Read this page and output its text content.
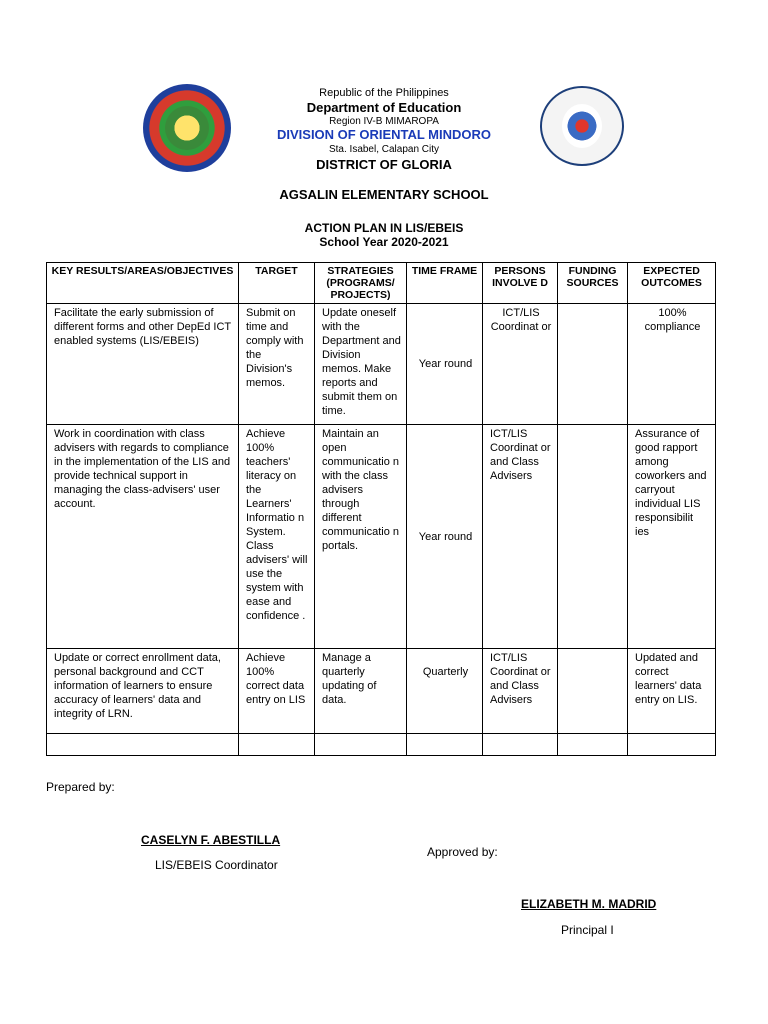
Republic of the Philippines
Department of Education
Region IV-B MIMAROPA
DIVISION OF ORIENTAL MINDORO
Sta. Isabel, Calapan City
DISTRICT OF GLORIA
AGSALIN ELEMENTARY SCHOOL
ACTION PLAN IN LIS/EBEIS
School Year 2020-2021
KEY RESULTS/AREAS/OBJECTIVES	TARGET	STRATEGIES (PROGRAMS/ PROJECTS)	TIME FRAME	PERSONS INVOLVE D	FUNDING SOURCES	EXPECTED OUTCOMES
Facilitate the early submission of different forms and other DepEd ICT enabled systems (LIS/EBEIS)	Submit on time and comply with the Division's memos.	Update oneself with the Department and Division memos. Make reports and submit them on time.	Year round	ICT/LIS Coordinat or		100% compliance
Work in coordination with class advisers with regards to compliance in the implementation of the LIS and provide technical support in managing the class-advisers' user account.	Achieve 100% teachers' literacy on the Learners' Informatio n System. Class advisers' will use the system with ease and confidence .	Maintain an open communicatio n with the class advisers through different communicatio n portals.	Year round	ICT/LIS Coordinat or and Class Advisers		Assurance of good rapport among coworkers and carryout individual LIS responsibilit ies
Update or correct enrollment data, personal background and CCT information of learners to ensure accuracy of learners' data and integrity of LRN.	Achieve 100% correct data entry on LIS	Manage a quarterly updating of data.	Quarterly	ICT/LIS Coordinat or and Class Advisers		Updated and correct learners' data entry on LIS.

Prepared by:
CASELYN F. ABESTILLA
LIS/EBEIS Coordinator
Approved by:
ELIZABETH M. MADRID
Principal I
